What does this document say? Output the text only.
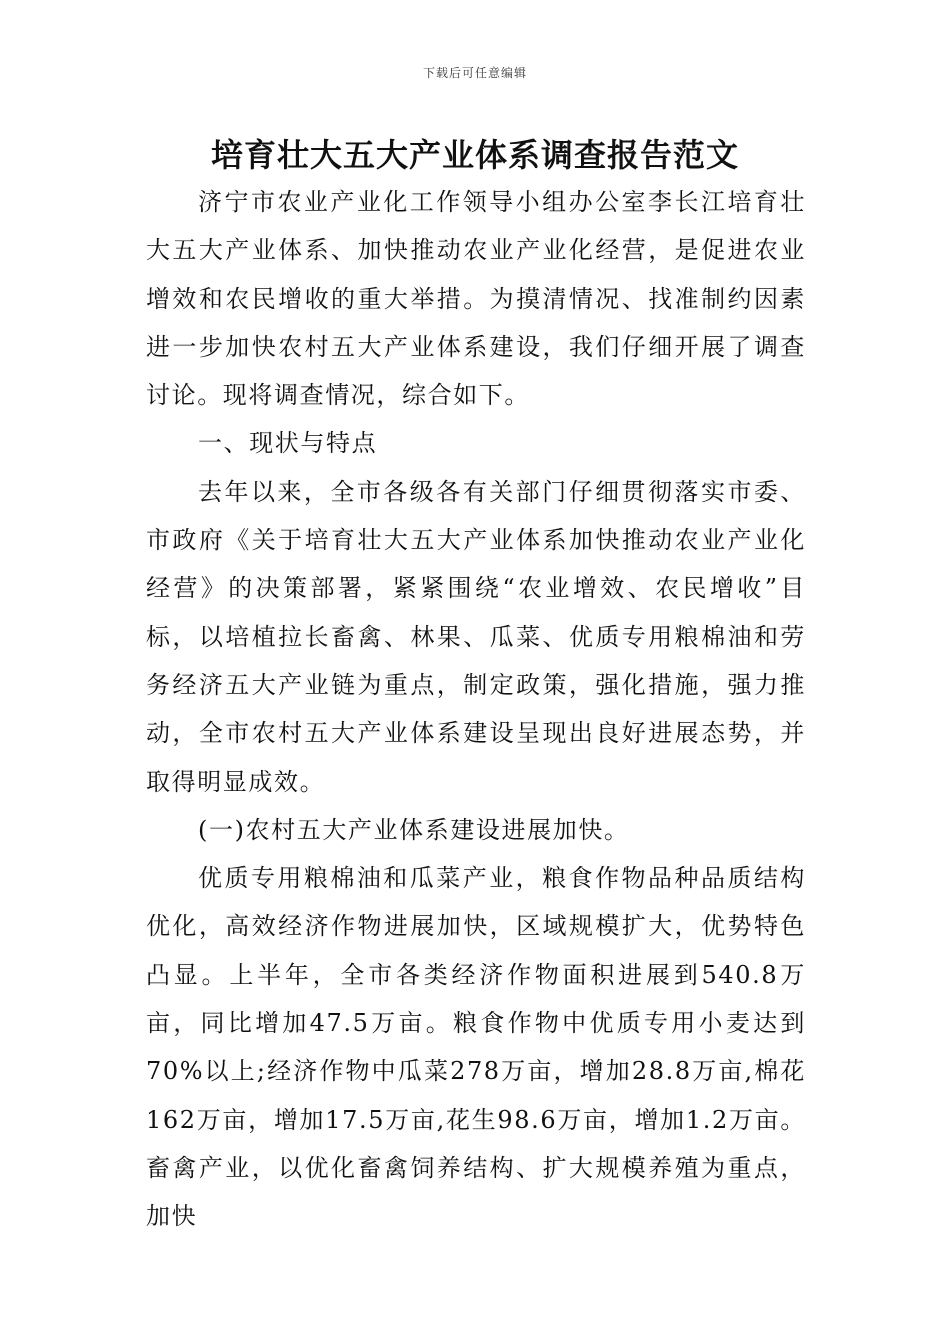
下载后可任意编辑
培育壮大五大产业体系调查报告范文

济宁市农业产业化工作领导小组办公室李长江培育壮大五大产业体系、加快推动农业产业化经营，是促进农业增效和农民增收的重大举措。为摸清情况、找准制约因素进一步加快农村五大产业体系建设，我们仔细开展了调查讨论。现将调查情况，综合如下。

一、现状与特点

去年以来，全市各级各有关部门仔细贯彻落实市委、市政府《关于培育壮大五大产业体系加快推动农业产业化经营》的决策部署，紧紧围绕“农业增效、农民增收”目标，以培植拉长畜禽、林果、瓜菜、优质专用粮棉油和劳务经济五大产业链为重点，制定政策，强化措施，强力推动，全市农村五大产业体系建设呈现出良好进展态势，并取得明显成效。

(一)农村五大产业体系建设进展加快。

优质专用粮棉油和瓜菜产业，粮食作物品种品质结构优化，高效经济作物进展加快，区域规模扩大，优势特色凸显。上半年，全市各类经济作物面积进展到540.8万亩，同比增加47.5万亩。粮食作物中优质专用小麦达到70%以上;经济作物中瓜菜278万亩，增加28.8万亩,棉花162万亩，增加17.5万亩,花生98.6万亩，增加1.2万亩。畜禽产业，以优化畜禽饲养结构、扩大规模养殖为重点，加快
